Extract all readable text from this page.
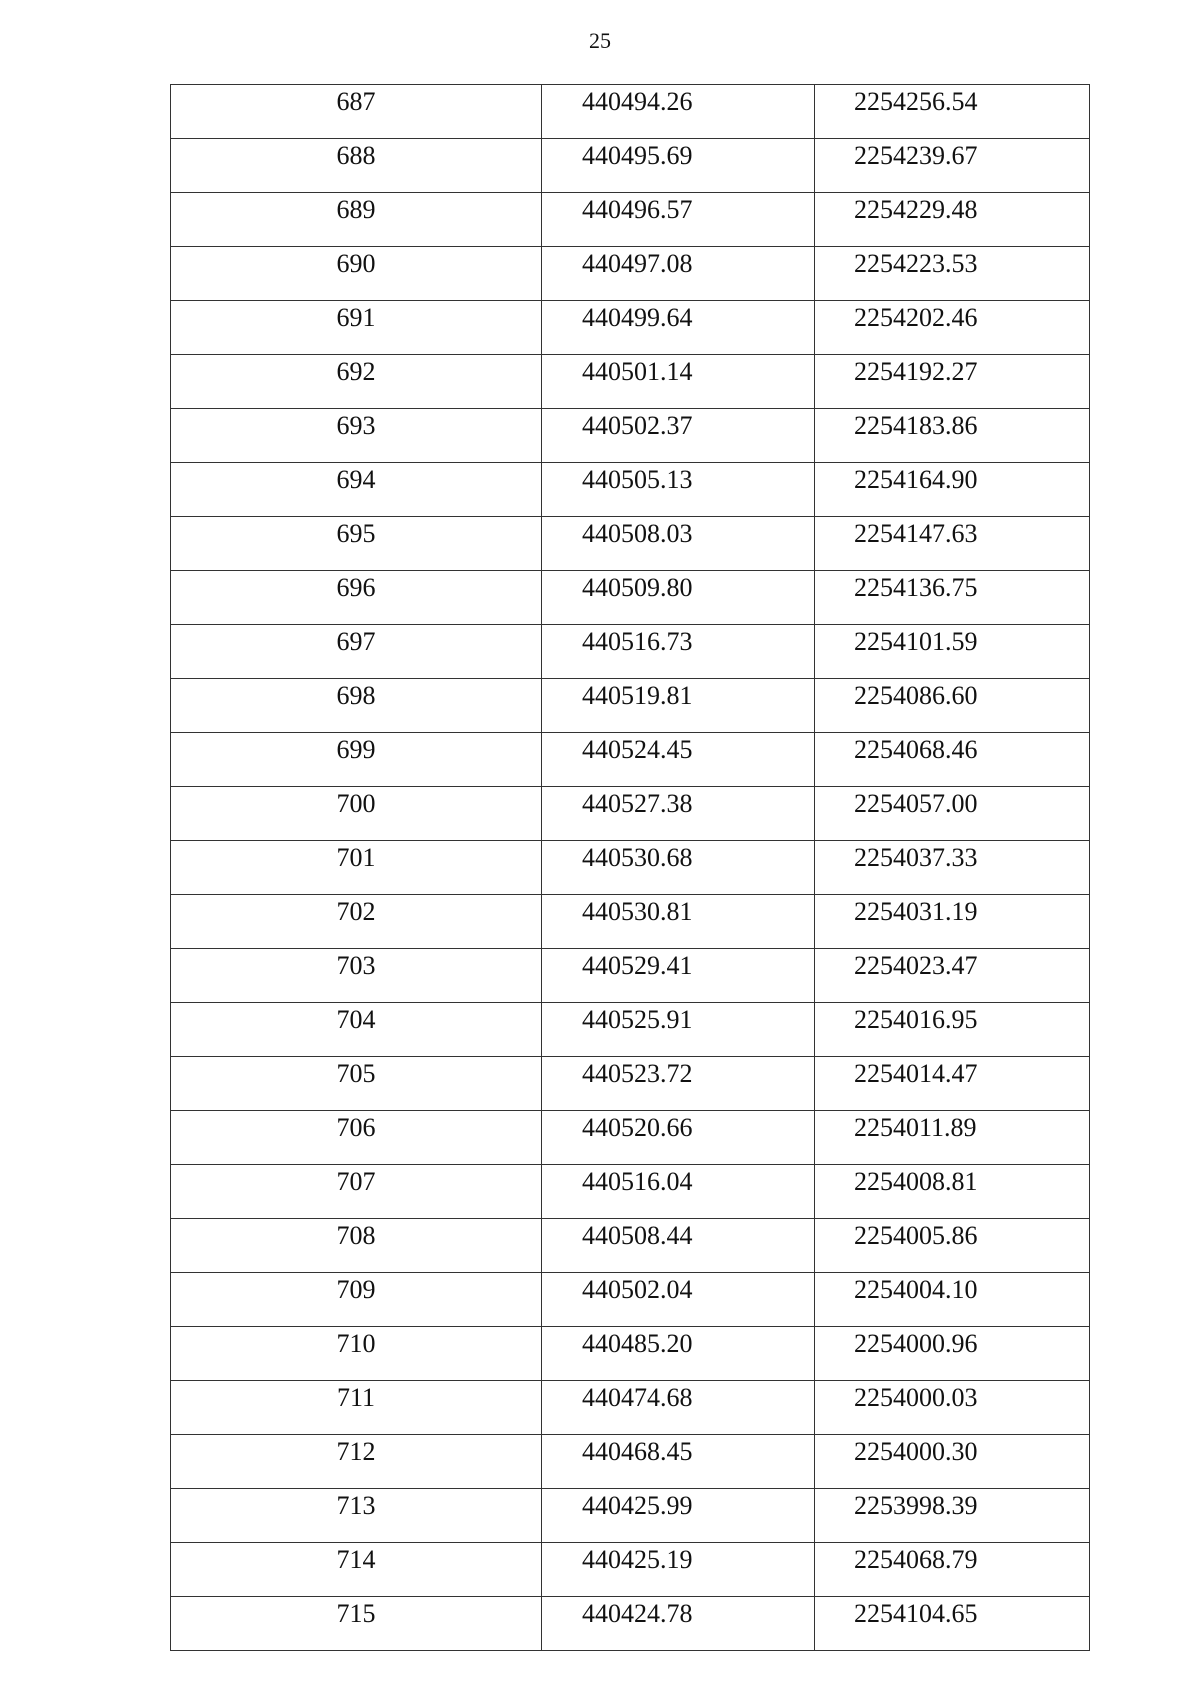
25
687	440494.26	2254256.54

688	440495.69	2254239.67

689	440496.57	2254229.48

690	440497.08	2254223.53

691	440499.64	2254202.46

692	440501.14	2254192.27

693	440502.37	2254183.86

694	440505.13	2254164.90

695	440508.03	2254147.63

696	440509.80	2254136.75

697	440516.73	2254101.59

698	440519.81	2254086.60

699	440524.45	2254068.46

700	440527.38	2254057.00

701	440530.68	2254037.33

702	440530.81	2254031.19

703	440529.41	2254023.47

704	440525.91	2254016.95

705	440523.72	2254014.47

706	440520.66	2254011.89

707	440516.04	2254008.81

708	440508.44	2254005.86

709	440502.04	2254004.10

710	440485.20	2254000.96

711	440474.68	2254000.03

712	440468.45	2254000.30

713	440425.99	2253998.39

714	440425.19	2254068.79

715	440424.78	2254104.65
